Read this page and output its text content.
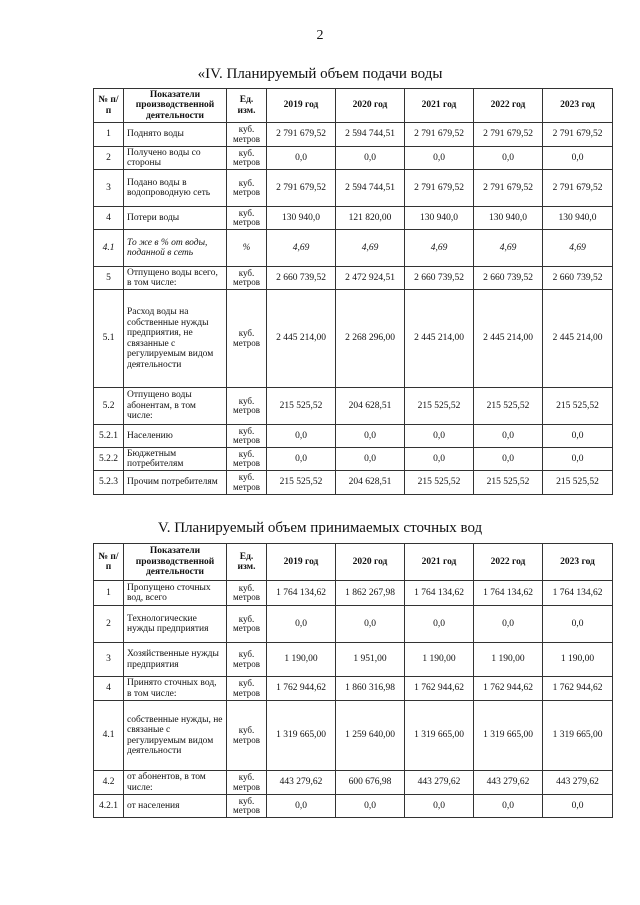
2
«IV. Планируемый объем подачи воды
№ п/п	Показатели производственной деятельности	Ед. изм.	2019 год	2020 год	2021 год	2022 год	2023 год
1	Поднято воды	куб. метров	2 791 679,52	2 594 744,51	2 791 679,52	2 791 679,52	2 791 679,52
2	Получено воды со стороны	куб. метров	0,0	0,0	0,0	0,0	0,0
3	Подано воды в водопроводную сеть	куб. метров	2 791 679,52	2 594 744,51	2 791 679,52	2 791 679,52	2 791 679,52
4	Потери воды	куб. метров	130 940,0	121 820,00	130 940,0	130 940,0	130 940,0
4.1	То же в % от воды, поданной в сеть	%	4,69	4,69	4,69	4,69	4,69
5	Отпущено воды всего, в том числе:	куб. метров	2 660 739,52	2 472 924,51	2 660 739,52	2 660 739,52	2 660 739,52
5.1	Расход воды на собственные нужды предприятия, не связанные с регулируемым видом деятельности	куб. метров	2 445 214,00	2 268 296,00	2 445 214,00	2 445 214,00	2 445 214,00
5.2	Отпущено воды абонентам, в том числе:	куб. метров	215 525,52	204 628,51	215 525,52	215 525,52	215 525,52
5.2.1	Населению	куб. метров	0,0	0,0	0,0	0,0	0,0
5.2.2	Бюджетным потребителям	куб. метров	0,0	0,0	0,0	0,0	0,0
5.2.3	Прочим потребителям	куб. метров	215 525,52	204 628,51	215 525,52	215 525,52	215 525,52
V. Планируемый объем принимаемых сточных вод
№ п/п	Показатели производственной деятельности	Ед. изм.	2019 год	2020 год	2021 год	2022 год	2023 год
1	Пропущено сточных вод, всего	куб. метров	1 764 134,62	1 862 267,98	1 764 134,62	1 764 134,62	1 764 134,62
2	Технологические нужды предприятия	куб. метров	0,0	0,0	0,0	0,0	0,0
3	Хозяйственные нужды предприятия	куб. метров	1 190,00	1 951,00	1 190,00	1 190,00	1 190,00
4	Принято сточных вод, в том числе:	куб. метров	1 762 944,62	1 860 316,98	1 762 944,62	1 762 944,62	1 762 944,62
4.1	собственные нужды, не связаные с регулируемым видом деятельности	куб. метров	1 319 665,00	1 259 640,00	1 319 665,00	1 319 665,00	1 319 665,00
4.2	от абонентов, в том числе:	куб. метров	443 279,62	600 676,98	443 279,62	443 279,62	443 279,62
4.2.1	от населения	куб. метров	0,0	0,0	0,0	0,0	0,0
